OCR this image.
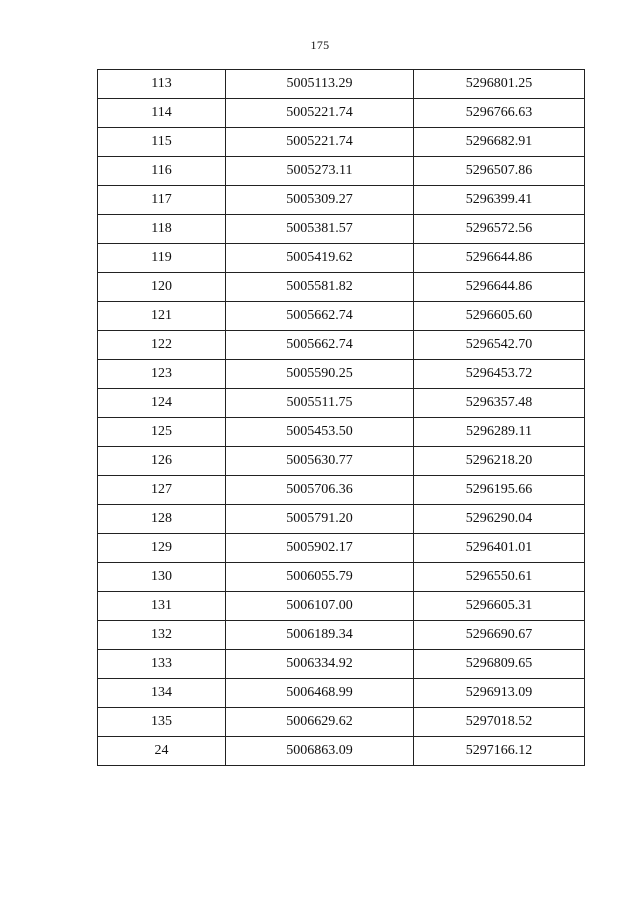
175
113	5005113.29	5296801.25
114	5005221.74	5296766.63
115	5005221.74	5296682.91
116	5005273.11	5296507.86
117	5005309.27	5296399.41
118	5005381.57	5296572.56
119	5005419.62	5296644.86
120	5005581.82	5296644.86
121	5005662.74	5296605.60
122	5005662.74	5296542.70
123	5005590.25	5296453.72
124	5005511.75	5296357.48
125	5005453.50	5296289.11
126	5005630.77	5296218.20
127	5005706.36	5296195.66
128	5005791.20	5296290.04
129	5005902.17	5296401.01
130	5006055.79	5296550.61
131	5006107.00	5296605.31
132	5006189.34	5296690.67
133	5006334.92	5296809.65
134	5006468.99	5296913.09
135	5006629.62	5297018.52
24	5006863.09	5297166.12
